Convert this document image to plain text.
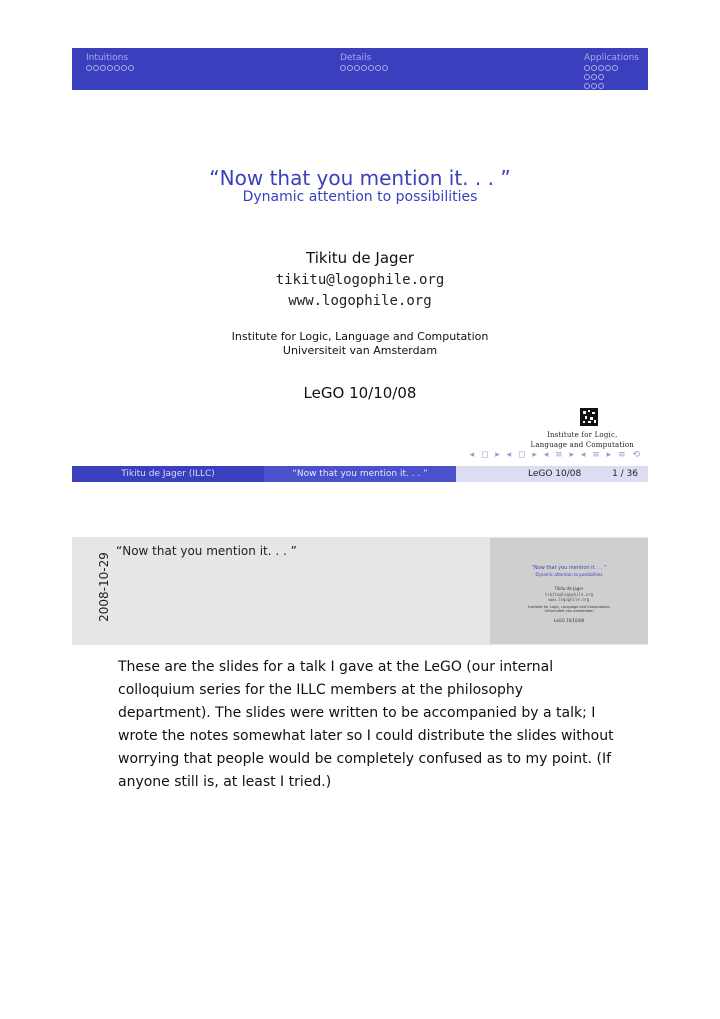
Intuitions	Details	Applications
“Now that you mention it. . . ”
Dynamic attention to possibilities
Tikitu de Jager
tikitu@logophile.org
www.logophile.org
Institute for Logic, Language and Computation
Universiteit van Amsterdam
LeGO 10/10/08
Institute for Logic,
Language and Computation
◂ ◻ ▸ ◂ ◻ ▸ ◂ ≡ ▸ ◂ ≡ ▸ ≡ ⟲
Tikitu de Jager (ILLC)	“Now that you mention it. . . ”	LeGO 10/08	1 / 36
“Now that you mention it. . . ”
2008-10-29	“Now that you mention it. . . ”
Dynamic attention to possibilities
Tikitu de Jager
tikitu@logophile.org
www.logophile.org
Institute for Logic, Language and Computation
Universiteit van Amsterdam
LeGO 10/10/08
These are the slides for a talk I gave at the LeGO (our internal colloquium series for the ILLC members at the philosophy department). The slides were written to be accompanied by a talk; I wrote the notes somewhat later so I could distribute the slides without worrying that people would be completely confused as to my point. (If anyone still is, at least I tried.)
